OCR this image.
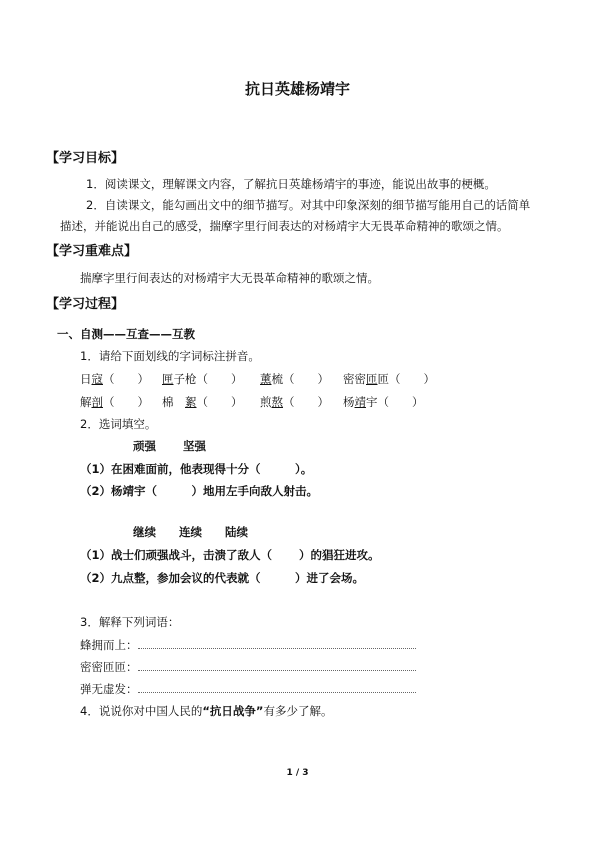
抗日英雄杨靖宇
【学习目标】
1．阅读课文，理解课文内容，了解抗日英雄杨靖宇的事迹，能说出故事的梗概。
2．自读课文，能勾画出文中的细节描写。对其中印象深刻的细节描写能用自己的话简单
描述，并能说出自己的感受，揣摩字里行间表达的对杨靖宇大无畏革命精神的歌颂之情。
【学习重难点】
揣摩字里行间表达的对杨靖宇大无畏革命精神的歌颂之情。
【学习过程】
一、自测——互查——互教
1．请给下面划线的字词标注拼音。
日寇（　　） 匣子枪（　　） 薰梳（　　） 密密匝匝（　　）
解剖（　　） 棉　絮（　　） 煎熬（　　） 杨靖宇（　　）
2．选词填空。
顽强　　 坚强
（1）在困难面前，他表现得十分（　　　）。
（2）杨靖宇（　　　）地用左手向敌人射击。
继续　　连续　　陆续
（1）战士们顽强战斗，击溃了敌人（　　 ）的猖狂进攻。
（2）九点整，参加会议的代表就（　　　）进了会场。
3．解释下列词语：
蜂拥而上：
密密匝匝：
弹无虚发：
4．说说你对中国人民的“抗日战争”有多少了解。
1 / 3
